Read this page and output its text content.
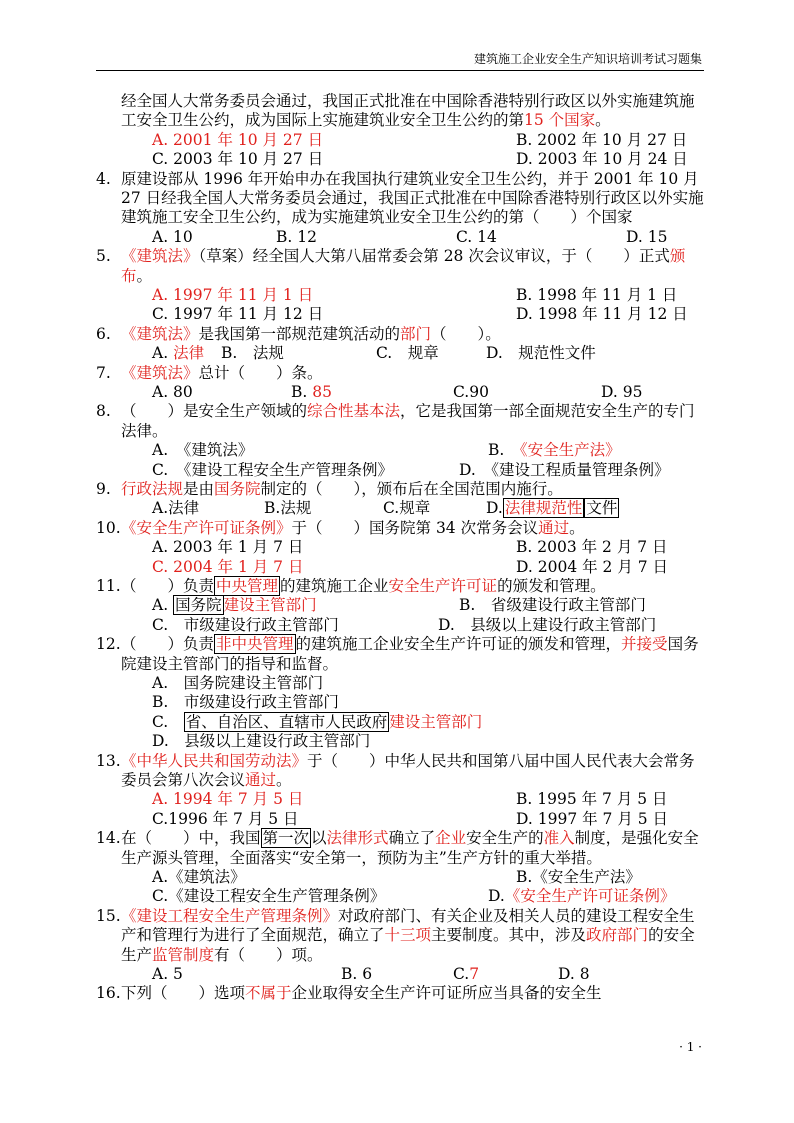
建筑施工企业安全生产知识培训考试习题集
经全国人大常务委员会通过，我国正式批准在中国除香港特别行政区以外实施建筑施工安全卫生公约，成为国际上实施建筑业安全卫生公约的第15 个国家。
A. 2001 年 10 月 27 日	B. 2002 年 10 月 27 日
C. 2003 年 10 月 27 日	D. 2003 年 10 月 24 日
4. 原建设部从 1996 年开始申办在我国执行建筑业安全卫生公约，并于 2001 年 10 月 27 日经我全国人大常务委员会通过，我国正式批准在中国除香港特别行政区以外实施建筑施工安全卫生公约，成为实施建筑业安全卫生公约的第（　　）个国家
A. 10	B. 12	C. 14	D. 15
5. 《建筑法》（草案）经全国人大第八届常委会第 28 次会议审议，于（　　）正式颁布。
A. 1997 年 11 月 1 日	B. 1998 年 11 月 1 日
C. 1997 年 11 月 12 日	D. 1998 年 11 月 12 日
6. 《建筑法》是我国第一部规范建筑活动的部门（　　）。
A. 法律 B.　法规	C.　规章	D.　规范性文件
7. 《建筑法》总计（　　）条。
A. 80	B. 85	C.90	D. 95
8. （　　）是安全生产领域的综合性基本法，它是我国第一部全面规范安全生产的专门法律。
A.　《建筑法》	B.　《安全生产法》
C.　《建设工程安全生产管理条例》	D.　《建设工程质量管理条例》
9. 行政法规是由国务院制定的（　　），颁布后在全国范围内施行。
A.法律	B.法规	C.规章	D. 法律规范性 文件
10. 《安全生产许可证条例》于（　　）国务院第 34 次常务会议通过。
A. 2003 年 1 月 7 日	B. 2003 年 2 月 7 日
C. 2004 年 1 月 7 日	D. 2004 年 2 月 7 日
11. （　　）负责 中央管理 的建筑施工企业安全生产许可证的颁发和管理。
A. 国务院 建设主管部门	B.　省级建设行政主管部门
C.　市级建设行政主管部门	D.　县级以上建设行政主管部门
12. （　　）负责 非中央管理 的建筑施工企业安全生产许可证的颁发和管理，并接受国务院建设主管部门的指导和监督。
A.　国务院建设主管部门
B.　市级建设行政主管部门
C.　省、自治区、直辖市人民政府 建设主管部门
D.　县级以上建设行政主管部门
13. 《中华人民共和国劳动法》于（　　）中华人民共和国第八届中国人民代表大会常务委员会第八次会议通过。
A. 1994 年 7 月 5 日	B. 1995 年 7 月 5 日
C.1996 年 7 月 5 日	D. 1997 年 7 月 5 日
14. 在（　　）中，我国 第一次 以法律形式确立了企业安全生产的准入制度，是强化安全生产源头管理，全面落实“安全第一，预防为主”生产方针的重大举措。
A.《建筑法》	B.《安全生产法》
C.《建设工程安全生产管理条例》	D.《安全生产许可证条例》
15. 《建设工程安全生产管理条例》对政府部门、有关企业及相关人员的建设工程安全生产和管理行为进行了全面规范，确立了十三项主要制度。其中，涉及政府部门的安全生产监管制度有（　　）项。
A. 5	B. 6	C.7	D. 8
16. 下列（　　）选项不属于企业取得安全生产许可证所应当具备的安全生
· 1 ·
